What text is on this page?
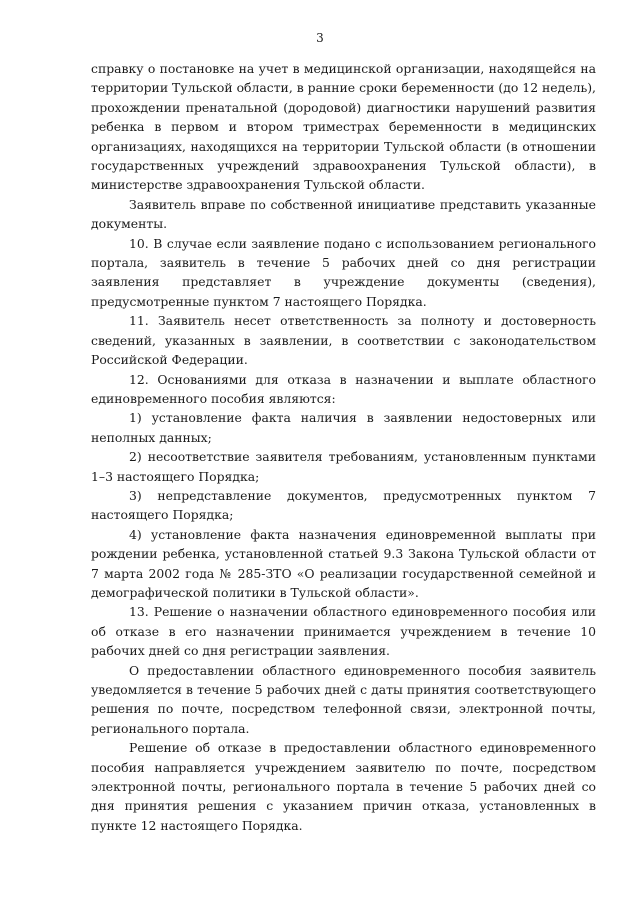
3

справку о постановке на учет в медицинской организации, находящейся на территории Тульской области, в ранние сроки беременности (до 12 недель), прохождении пренатальной (дородовой) диагностики нарушений развития ребенка в первом и втором триместрах беременности в медицинских организациях, находящихся на территории Тульской области (в отношении государственных учреждений здравоохранения Тульской области), в министерстве здравоохранения Тульской области.

Заявитель вправе по собственной инициативе представить указанные документы.

10. В случае если заявление подано с использованием регионального портала, заявитель в течение 5 рабочих дней со дня регистрации заявления представляет в учреждение документы (сведения), предусмотренные пунктом 7 настоящего Порядка.

11. Заявитель несет ответственность за полноту и достоверность сведений, указанных в заявлении, в соответствии с законодательством Российской Федерации.

12. Основаниями для отказа в назначении и выплате областного единовременного пособия являются:

1) установление факта наличия в заявлении недостоверных или неполных данных;

2) несоответствие заявителя требованиям, установленным пунктами 1–3 настоящего Порядка;

3) непредставление документов, предусмотренных пунктом 7 настоящего Порядка;

4) установление факта назначения единовременной выплаты при рождении ребенка, установленной статьей 9.3 Закона Тульской области от 7 марта 2002 года № 285-ЗТО «О реализации государственной семейной и демографической политики в Тульской области».

13. Решение о назначении областного единовременного пособия или об отказе в его назначении принимается учреждением в течение 10 рабочих дней со дня регистрации заявления.

О предоставлении областного единовременного пособия заявитель уведомляется в течение 5 рабочих дней с даты принятия соответствующего решения по почте, посредством телефонной связи, электронной почты, регионального портала.

Решение об отказе в предоставлении областного единовременного пособия направляется учреждением заявителю по почте, посредством электронной почты, регионального портала в течение 5 рабочих дней со дня принятия решения с указанием причин отказа, установленных в пункте 12 настоящего Порядка.
